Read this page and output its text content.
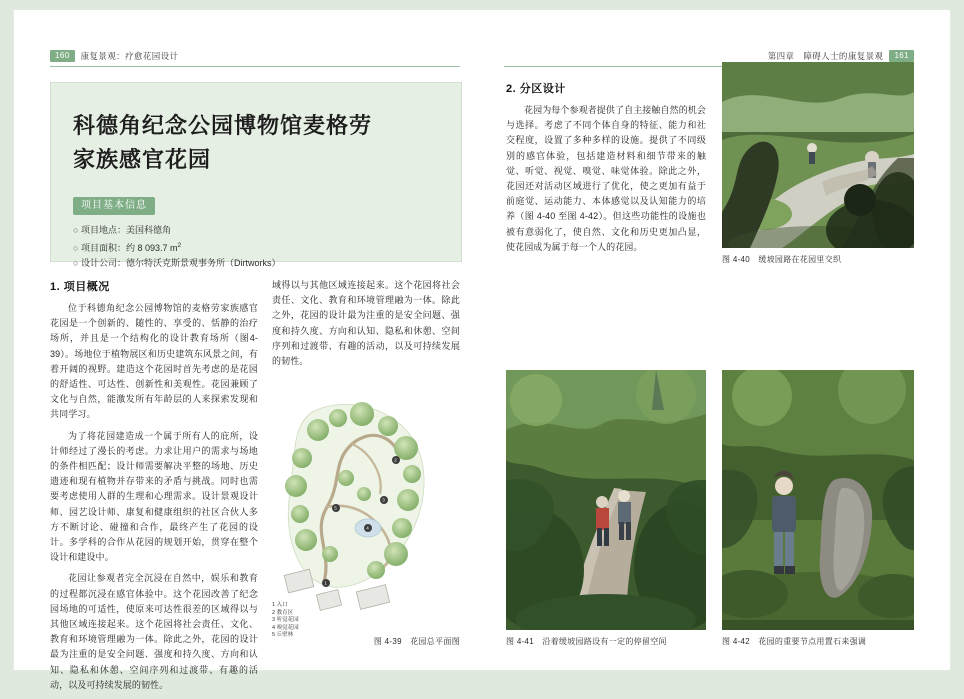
160	康复景观：疗愈花园设计	第四章　障碍人士的康复景观	161
科德角纪念公园博物馆麦格劳
家族感官花园
项目基本信息
○ 项目地点：美国科德角
○ 项目面积：约 8 093.7 $m^2$
○ 设计公司：德尔特沃克斯景观事务所（Dirtworks）
1. 项目概况

位于科德角纪念公园博物馆的麦格劳家族感官花园是一个创新的、随性的、享受的、恬静的治疗场所，并且是一个结构化的设计教育场所（图4-39）。场地位于植物展区和历史建筑东风景之间，有着开阔的视野。建造这个花园时首先考虑的是花园的舒适性、可达性、创新性和美观性。花园兼顾了文化与自然，能激发所有年龄层的人来探索发现和共同学习。

为了将花园建造成一个属于所有人的庇所，设计师经过了漫长的考虑。力求让用户的需求与场地的条件相匹配；设计师需要解决平整的场地、历史遗迹和现有植物并存带来的矛盾与挑战。同时也需要考虑使用人群的生理和心理需求。设计景观设计师、园艺设计师、康复和健康组织的社区合伙人多方不断讨论、碰撞和合作，最终产生了花园的设计。多学科的合作从花园的规划开始，贯穿在整个设计和建设中。

花园让参观者完全沉浸在自然中，娱乐和教育的过程都沉浸在感官体验中。这个花园改善了纪念园场地的可适性，使原来可达性很差的区域得以与其他区域连接起来。这个花园将社会责任、文化、教育和环境管理融为一体。除此之外，花园的设计最为注重的是安全问题、强度和持久度、方向和认知、隐私和休憩、空间序列和过渡带、有趣的活动，以及可持续发展的韧性。

域得以与其他区域连接起来。这个花园将社会责任、文化、教育和环境管理融为一体。除此之外，花园的设计最为注重的是安全问题、强度和持久度、方向和认知、隐私和休憩、空间序列和过渡带、有趣的活动，以及可持续发展的韧性。

1
2
3
4
5
1 入口
2 教育区
3 听觉花园
4 嗅觉花园
5 丘壁林
图 4-39　花园总平面图
2. 分区设计

花园为每个参观者提供了自主接触自然的机会与选择。考虑了不同个体自身的特征、能力和社交程度，设置了多种多样的设施。提供了不同级别的感官体验，包括建造材料和细节带来的触觉、听觉、视觉、嗅觉、味觉体验。除此之外，花园还对活动区域进行了优化，使之更加有益于前庭觉、运动能力、本体感觉以及认知能力的培养（图 4-40 至图 4-42）。但这些功能性的设施也被有意弱化了，使自然、文化和历史更加凸显，使花园成为属于每一个人的花园。

图 4-40　缓坡园路在花园里交织
图 4-41　沿着缓坡园路设有一定的停留空间	图 4-42　花园的重要节点用置石来强调
